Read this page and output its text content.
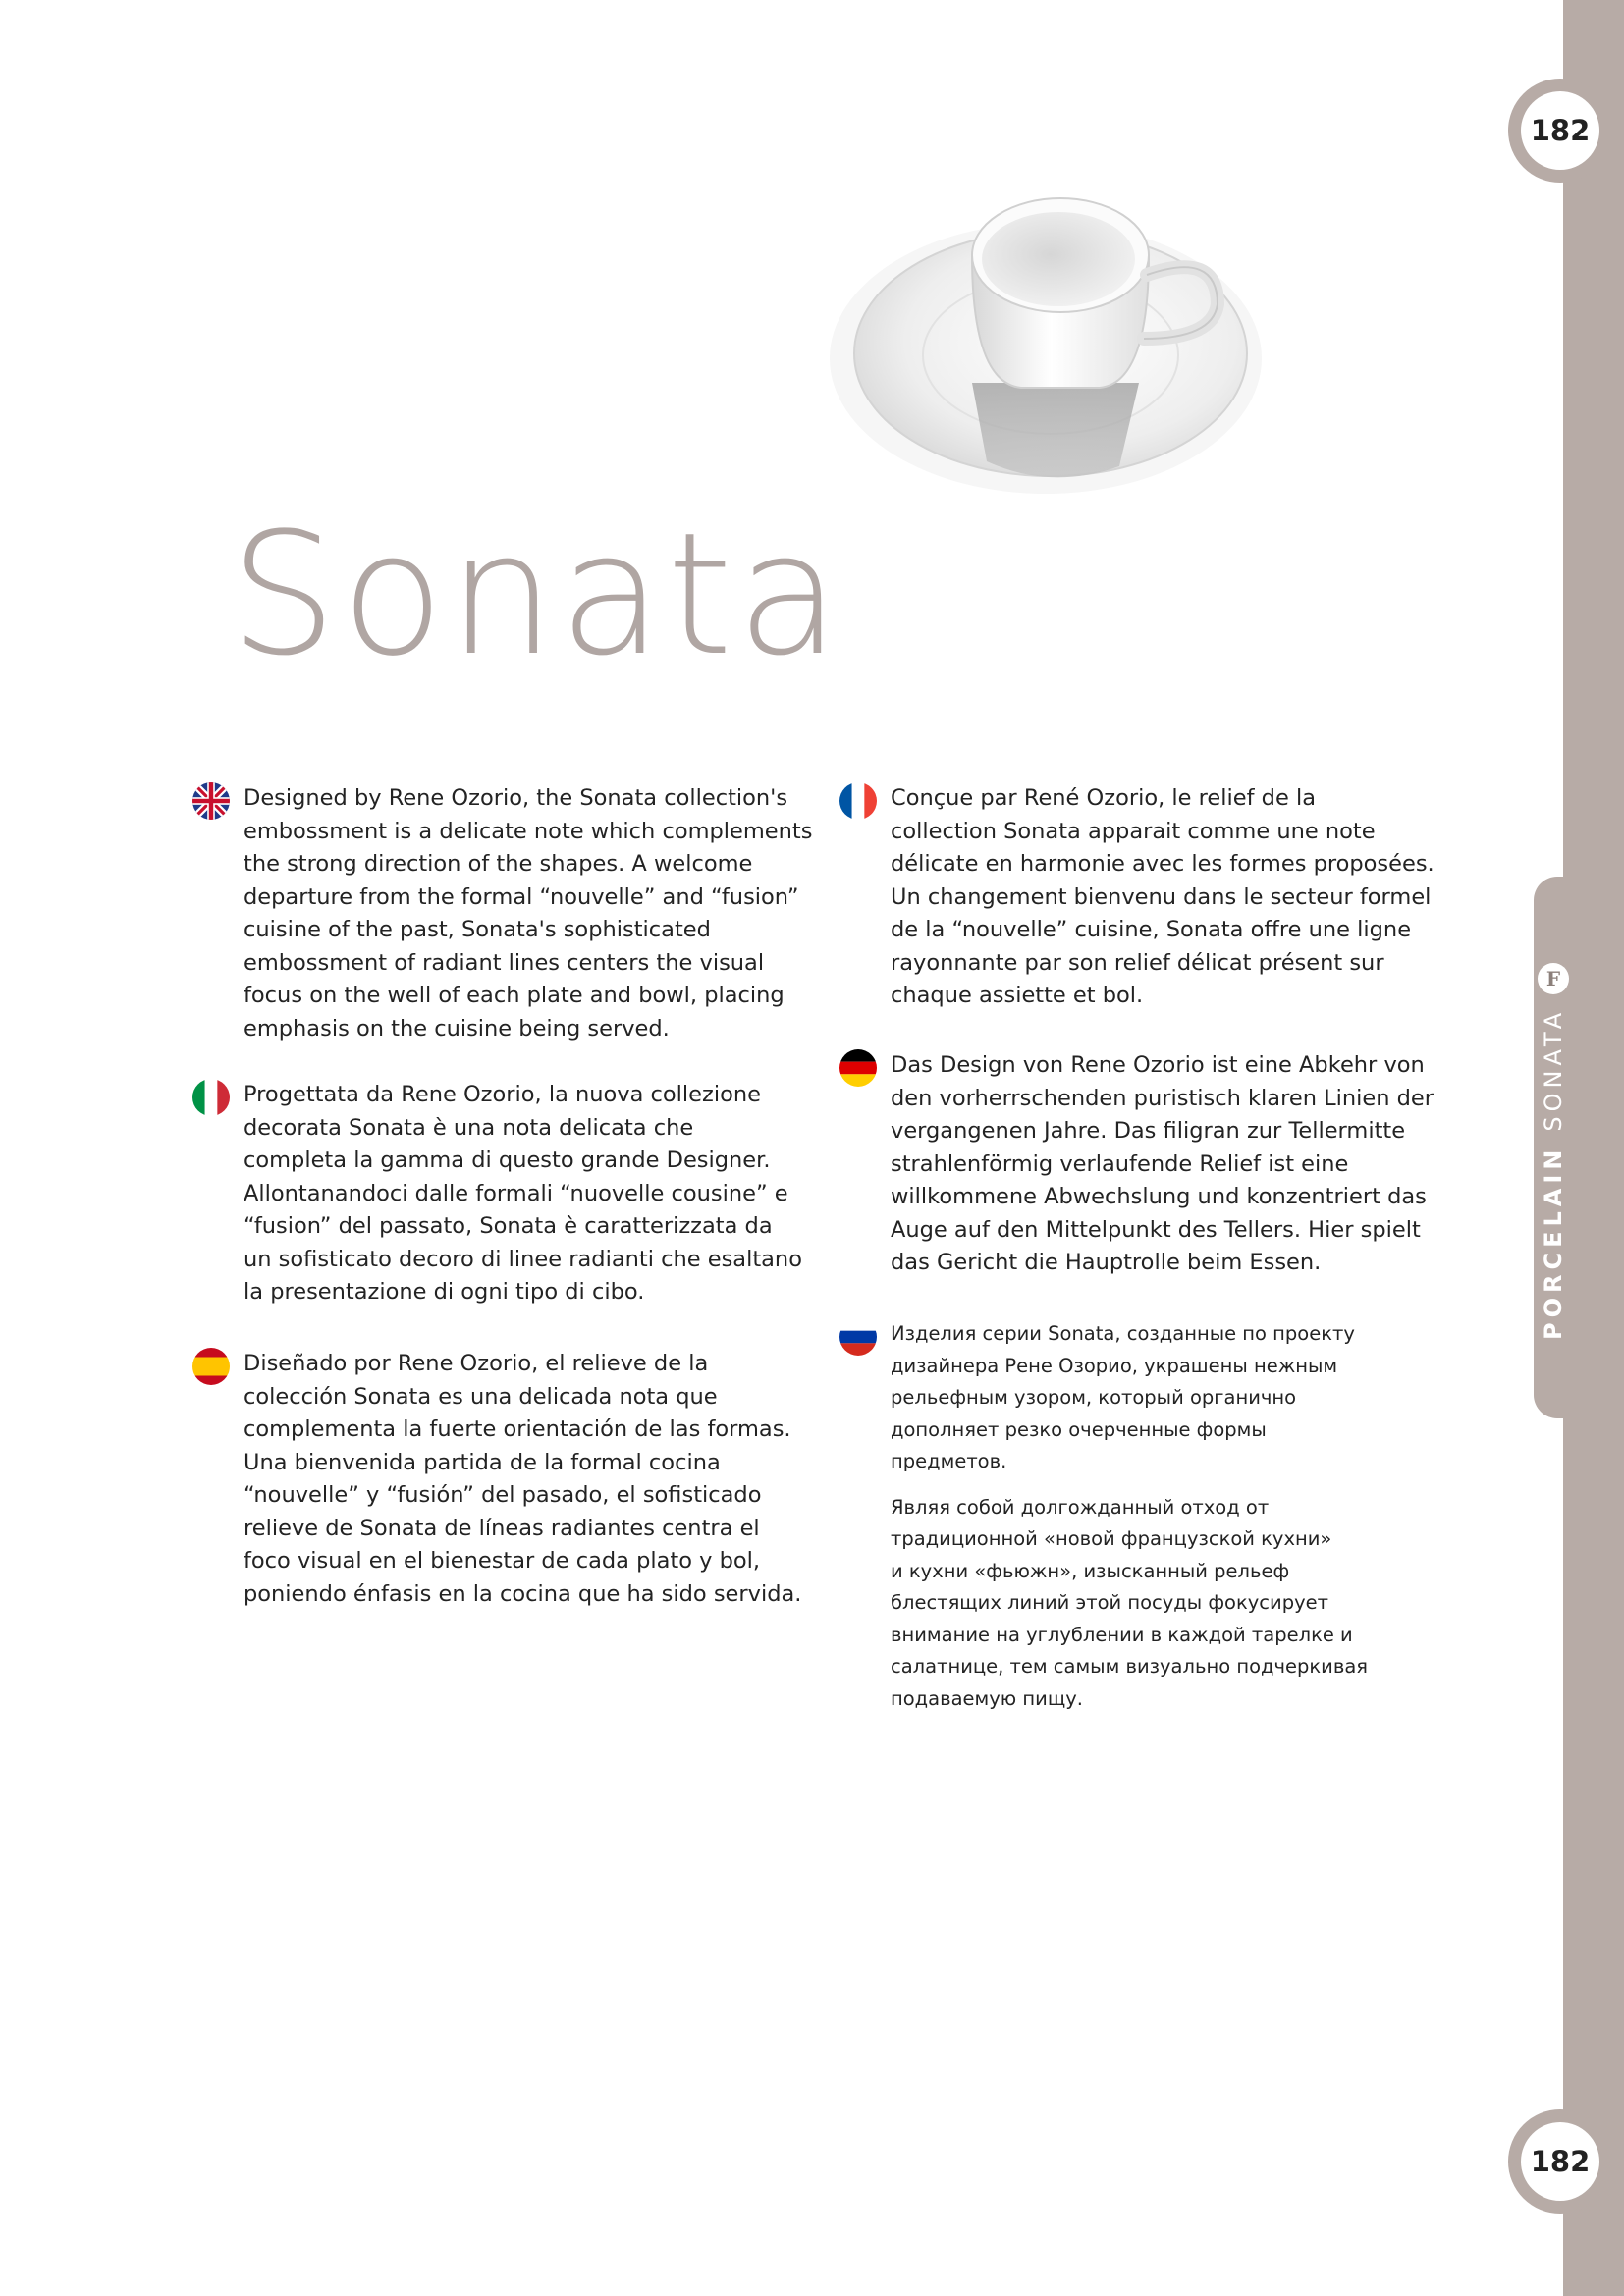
182
PORCELAIN
SONATA
F
182
Sonata

Designed by Rene Ozorio, the Sonata collection's
embossment is a delicate note which complements
the strong direction of the shapes. A welcome
departure from the formal “nouvelle” and “fusion”
cuisine of the past, Sonata's sophisticated
embossment of radiant lines centers the visual
focus on the well of each plate and bowl, placing
emphasis on the cuisine being served.

Progettata da Rene Ozorio, la nuova collezione
decorata Sonata è una nota delicata che
completa la gamma di questo grande Designer.
Allontanandoci dalle formali “nuovelle cousine” e
“fusion” del passato, Sonata è caratterizzata da
un sofisticato decoro di linee radianti che esaltano
la presentazione di ogni tipo di cibo.

Diseñado por Rene Ozorio, el relieve de la
colección Sonata es una delicada nota que
complementa la fuerte orientación de las formas.
Una bienvenida partida de la formal cocina
“nouvelle” y “fusión” del pasado, el sofisticado
relieve de Sonata de líneas radiantes centra el
foco visual en el bienestar de cada plato y bol,
poniendo énfasis en la cocina que ha sido servida.

Conçue par René Ozorio, le relief de la
collection Sonata apparait comme une note
délicate en harmonie avec les formes proposées.
Un changement bienvenu dans le secteur formel
de la “nouvelle” cuisine, Sonata offre une ligne
rayonnante par son relief délicat présent sur
chaque assiette et bol.

Das Design von Rene Ozorio ist eine Abkehr von
den vorherrschenden puristisch klaren Linien der
vergangenen Jahre. Das filigran zur Tellermitte
strahlenförmig verlaufende Relief ist eine
willkommene Abwechslung und konzentriert das
Auge auf den Mittelpunkt des Tellers. Hier spielt
das Gericht die Hauptrolle beim Essen.

Изделия серии Sonata, созданные по проекту
дизайнера Рене Озорио, украшены нежным
рельефным узором, который органично
дополняет резко очерченные формы
предметов.

Являя собой долгожданный отход от
традиционной «новой французской кухни»
и кухни «фьюжн», изысканный рельеф
блестящих линий этой посуды фокусирует
внимание на углублении в каждой тарелке и
салатнице, тем самым визуально подчеркивая
подаваемую пищу.
